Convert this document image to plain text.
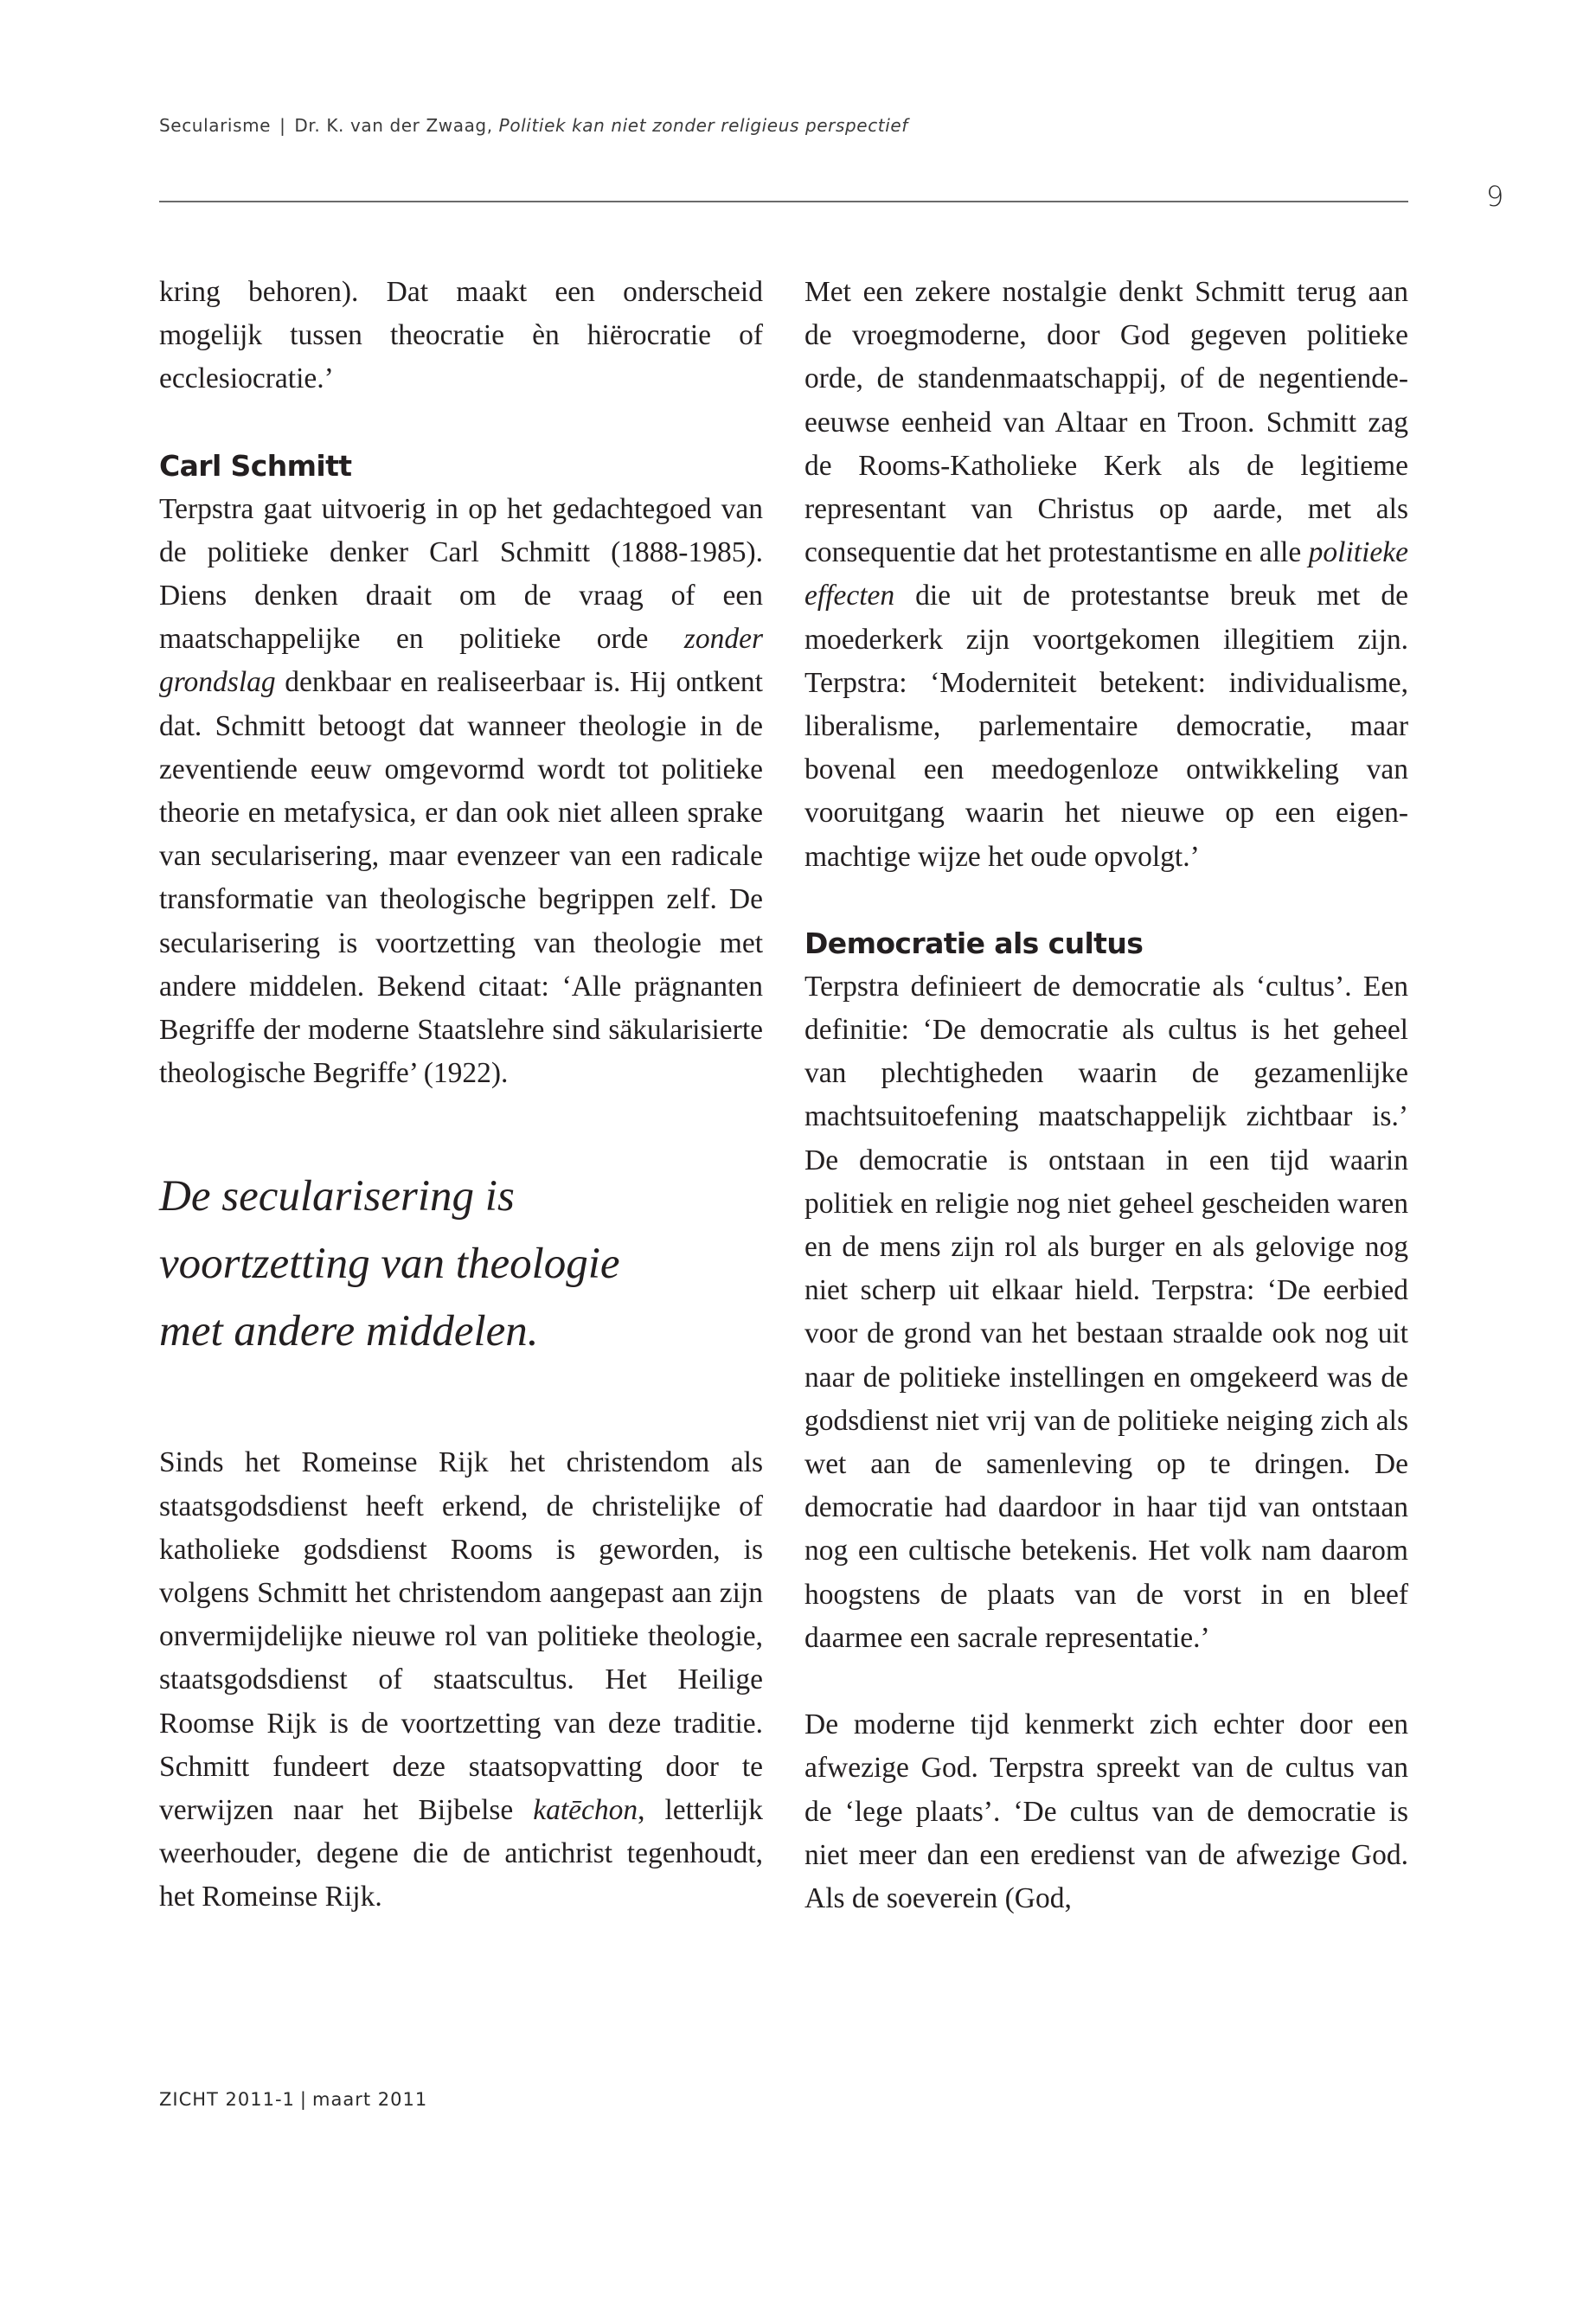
Secularisme | Dr. K. van der Zwaag, Politiek kan niet zonder religieus perspectief
9

kring behoren). Dat maakt een onderscheid mogelijk tussen theocratie èn hiërocratie of ecclesiocratie.’

Carl Schmitt

Terpstra gaat uitvoerig in op het gedachtegoed van de politieke denker Carl Schmitt (1888-1985). Diens denken draait om de vraag of een maatschappelijke en politieke orde zonder grondslag denkbaar en realiseerbaar is. Hij ontkent dat. Schmitt betoogt dat wanneer theologie in de zeventiende eeuw omgevormd wordt tot politieke theorie en metafysica, er dan ook niet alleen sprake van secularisering, maar evenzeer van een radicale transformatie van theologische begrippen zelf. De secularisering is voortzetting van theologie met andere middelen. Bekend citaat: ‘Alle prägnanten Begriffe der moderne Staatslehre sind säkularisierte theologische Begriffe’ (1922).

De secularisering is
voortzetting van theologie
met andere middelen.

Sinds het Romeinse Rijk het christendom als staatsgodsdienst heeft erkend, de christelijke of katholieke godsdienst Rooms is geworden, is volgens Schmitt het christendom aangepast aan zijn onvermijdelijke nieuwe rol van politieke theologie, staatsgodsdienst of staatscultus. Het Heilige Roomse Rijk is de voortzetting van deze traditie. Schmitt fundeert deze staatsopvatting door te verwijzen naar het Bijbelse katēchon, letterlijk weerhouder, degene die de antichrist tegenhoudt, het Romeinse Rijk.

Met een zekere nostalgie denkt Schmitt terug aan de vroegmoderne, door God gegeven politieke orde, de standenmaatschappij, of de negentiende-eeuwse eenheid van Altaar en Troon. Schmitt zag de Rooms-Katholieke Kerk als de legitieme representant van Christus op aarde, met als consequentie dat het protestantisme en alle politieke effecten die uit de protestantse breuk met de moederkerk zijn voortgekomen illegitiem zijn. Terpstra: ‘Moderniteit betekent: individualisme, liberalisme, parlementaire democratie, maar bovenal een meedogenloze ontwikkeling van vooruitgang waarin het nieuwe op een eigenmachtige wijze het oude opvolgt.’

Democratie als cultus

Terpstra definieert de democratie als ‘cultus’. Een definitie: ‘De democratie als cultus is het geheel van plechtigheden waarin de gezamenlijke machtsuitoefening maatschappelijk zichtbaar is.’ De democratie is ontstaan in een tijd waarin politiek en religie nog niet geheel gescheiden waren en de mens zijn rol als burger en als gelovige nog niet scherp uit elkaar hield. Terpstra: ‘De eerbied voor de grond van het bestaan straalde ook nog uit naar de politieke instellingen en omgekeerd was de godsdienst niet vrij van de politieke neiging zich als wet aan de samenleving op te dringen. De democratie had daardoor in haar tijd van ontstaan nog een cultische betekenis. Het volk nam daarom hoogstens de plaats van de vorst in en bleef daarmee een sacrale representatie.’

De moderne tijd kenmerkt zich echter door een afwezige God. Terpstra spreekt van de cultus van de ‘lege plaats’. ‘De cultus van de democratie is niet meer dan een eredienst van de afwezige God. Als de soeverein (God,

ZICHT 2011-1 | maart 2011
